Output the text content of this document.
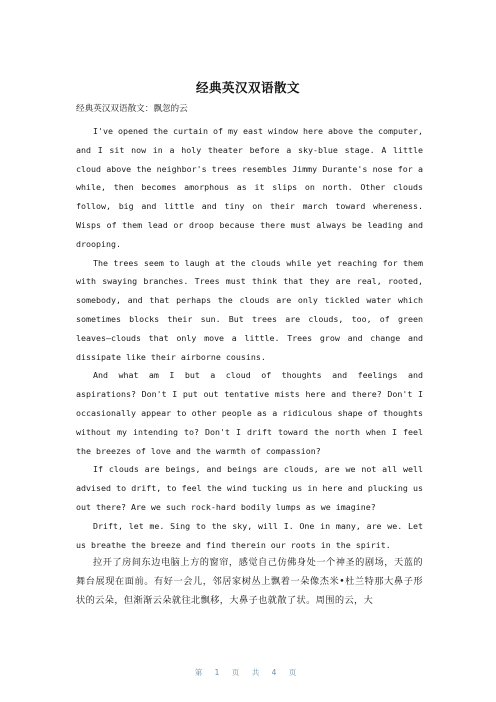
经典英汉双语散文
经典英汉双语散文：飘忽的云

I've opened the curtain of my east window here above the computer, and I sit now in a holy theater before a sky-blue stage. A little cloud above the neighbor's trees resembles Jimmy Durante's nose for a while, then becomes amorphous as it slips on north. Other clouds follow, big and little and tiny on their march toward whereness. Wisps of them lead or droop because there must always be leading and drooping.

The trees seem to laugh at the clouds while yet reaching for them with swaying branches. Trees must think that they are real, rooted, somebody, and that perhaps the clouds are only tickled water which sometimes blocks their sun. But trees are clouds, too, of green leaves—clouds that only move a little. Trees grow and change and dissipate like their airborne cousins.

And what am I but a cloud of thoughts and feelings and aspirations? Don't I put out tentative mists here and there? Don't I occasionally appear to other people as a ridiculous shape of thoughts without my intending to? Don't I drift toward the north when I feel the breezes of love and the warmth of compassion?

If clouds are beings, and beings are clouds, are we not all well advised to drift, to feel the wind tucking us in here and plucking us out there? Are we such rock-hard bodily lumps as we imagine?

Drift, let me. Sing to the sky, will I. One in many, are we. Let us breathe the breeze and find therein our roots in the spirit.

拉开了房间东边电脑上方的窗帘，感觉自己仿佛身处一个神圣的剧场，天蓝的舞台展现在面前。有好一会儿，邻居家树丛上飘着一朵像杰米•杜兰特那大鼻子形状的云朵，但渐渐云朵就往北飘移，大鼻子也就散了状。周围的云，大

第 1 页 共 4 页
